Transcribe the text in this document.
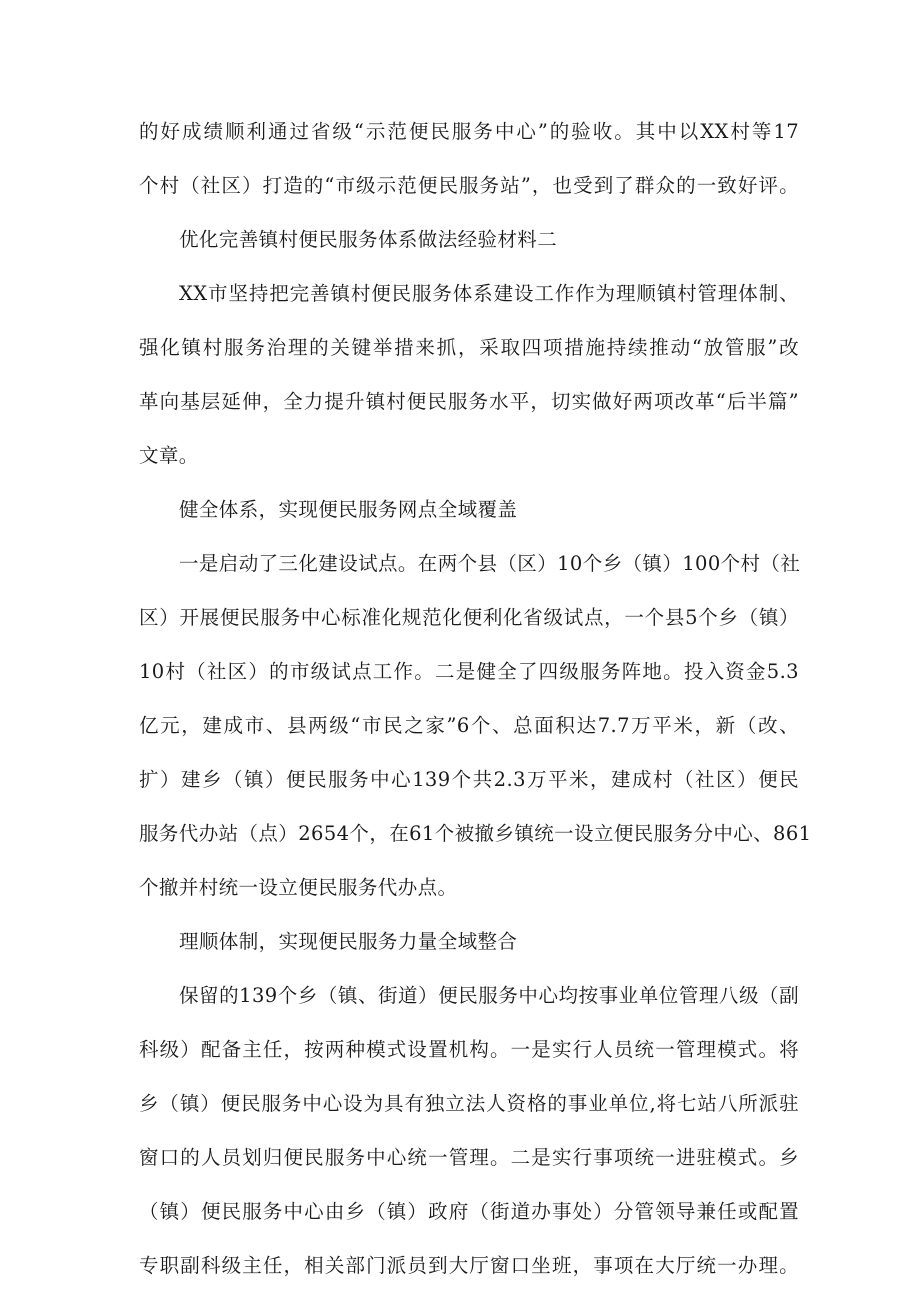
的好成绩顺利通过省级“示范便民服务中心”的验收。其中以XX村等17
个村（社区）打造的“市级示范便民服务站”，也受到了群众的一致好评。
优化完善镇村便民服务体系做法经验材料二
XX市坚持把完善镇村便民服务体系建设工作作为理顺镇村管理体制、
强化镇村服务治理的关键举措来抓，采取四项措施持续推动“放管服”改
革向基层延伸，全力提升镇村便民服务水平，切实做好两项改革“后半篇”
文章。
健全体系，实现便民服务网点全域覆盖
一是启动了三化建设试点。在两个县（区）10个乡（镇）100个村（社
区）开展便民服务中心标准化规范化便利化省级试点，一个县5个乡（镇）
10村（社区）的市级试点工作。二是健全了四级服务阵地。投入资金5.3
亿元，建成市、县两级“市民之家”6个、总面积达7.7万平米，新（改、
扩）建乡（镇）便民服务中心139个共2.3万平米，建成村（社区）便民
服务代办站（点）2654个，在61个被撤乡镇统一设立便民服务分中心、861
个撤并村统一设立便民服务代办点。
理顺体制，实现便民服务力量全域整合
保留的139个乡（镇、街道）便民服务中心均按事业单位管理八级（副
科级）配备主任，按两种模式设置机构。一是实行人员统一管理模式。将
乡（镇）便民服务中心设为具有独立法人资格的事业单位,将七站八所派驻
窗口的人员划归便民服务中心统一管理。二是实行事项统一进驻模式。乡
（镇）便民服务中心由乡（镇）政府（街道办事处）分管领导兼任或配置
专职副科级主任，相关部门派员到大厅窗口坐班，事项在大厅统一办理。
